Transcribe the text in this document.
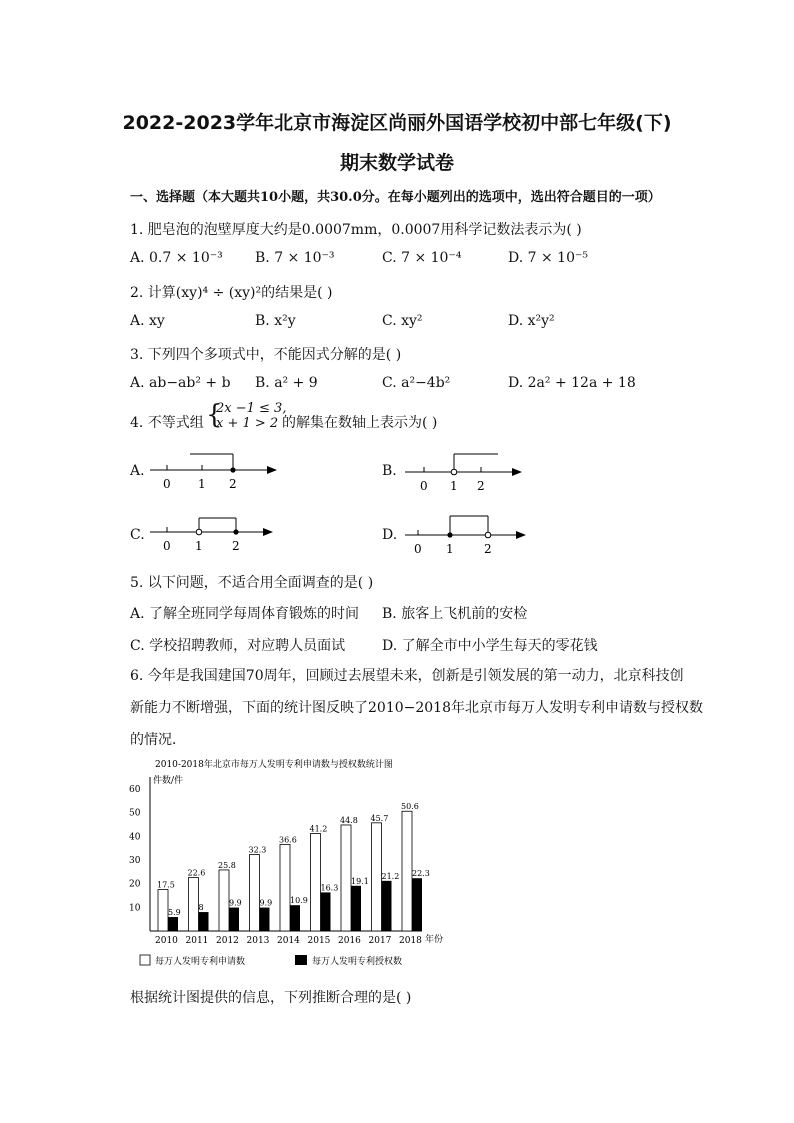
2022-2023学年北京市海淀区尚丽外国语学校初中部七年级(下)
期末数学试卷
一、选择题（本大题共10小题，共30.0分。在每小题列出的选项中，选出符合题目的一项）
1. 肥皂泡的泡壁厚度大约是0.0007mm，0.0007用科学记数法表示为( )
A. 0.7 × 10⁻³ B. 7 × 10⁻³	C. 7 × 10⁻⁴	D. 7 × 10⁻⁵
2. 计算(xy)⁴ ÷ (xy)²的结果是( )
A. xy	B. x²y	C. xy²	D. x²y²
3. 下列四个多项式中，不能因式分解的是( )
A. ab−ab² + b B. a² + 9	C. a²−4b²	D. 2a² + 12a + 18
4. 不等式组 {
2x −1 ≤ 3,
x + 1 > 2 的解集在数轴上表示为( )
A.	B.
C.	D.
0 1 2	0 1 2
0 1 2	0 1	2
5. 以下问题，不适合用全面调查的是( )
A. 了解全班同学每周体育锻炼的时间 B. 旅客上飞机前的安检
C. 学校招聘教师，对应聘人员面试	D. 了解全市中小学生每天的零花钱
6. 今年是我国建国70周年，回顾过去展望未来，创新是引领发展的第一动力，北京科技创
新能力不断增强，下面的统计图反映了2010−2018年北京市每万人发明专利申请数与授权数
的情况．
2010-2018年北京市每万人发明专利申请数与授权数统计图
件数/件
年份
10
20
30
40
50
60
17.5
5.9
2010
22.6
8
2011
25.8
9.9
2012
32.3
9.9
2013
36.6
10.9
2014
41.2
16.3
2015
44.8
19.1
2016
45.7
21.2
2017
50.6
22.3
2018
每万人发明专利申请数	每万人发明专利授权数
根据统计图提供的信息，下列推断合理的是( )
